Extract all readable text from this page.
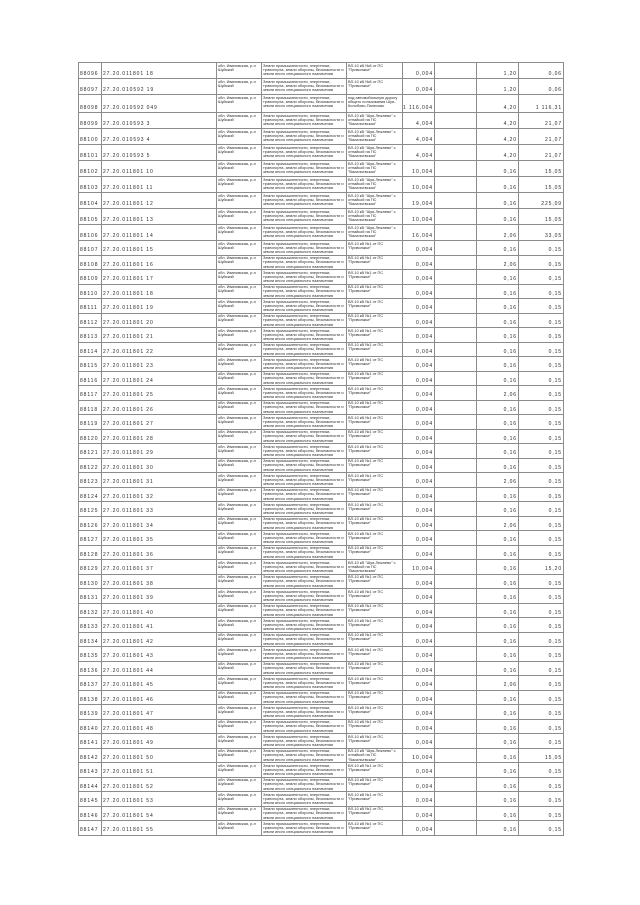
88096 27.20.011801 18
обл. Ивановская, р-н Шуйский
Земли промышленности, энергетики, транспорта, земли обороны, безопасности и земли иного специального назначения
ВЛ-10 кВ №8 от ПС "Приволжье"
0,004	1,20	0,06
88097 27.20.010592 19
обл. Ивановская, р-н Шуйский
Земли промышленности, энергетики, транспорта, земли обороны, безопасности и земли иного специального назначения
ВЛ-10 кВ №8 от ПС "Приволжье"
0,004	1,20	0,06
88098 27.20.010592 049
обл. Ивановская, р-н Шуйский
Земли промышленности, энергетики, транспорта, земли обороны, безопасности и земли иного специального назначения
под автомобильную дорогу общего пользования Шуя-Колобово-Палехово	1 116,004	4,20	1 116,31
88099 27.20.010593 3
обл. Ивановская, р-н Шуйский
Земли промышленности, энергетики, транспорта, земли обороны, безопасности и земли иного специального назначения
ВЛ-10 кВ "Шуя-Лежнево" с отпайкой на ПС "Васильевская"	4,004	4,20	21,07
88100 27.20.010593 4
обл. Ивановская, р-н Шуйский
Земли промышленности, энергетики, транспорта, земли обороны, безопасности и земли иного специального назначения
ВЛ-10 кВ "Шуя-Лежнево" с отпайкой на ПС "Васильевская"	4,004	4,20	21,07
88101 27.20.010593 5
обл. Ивановская, р-н Шуйский
Земли промышленности, энергетики, транспорта, земли обороны, безопасности и земли иного специального назначения
ВЛ-10 кВ "Шуя-Лежнево" с отпайкой на ПС "Васильевская"	4,004	4,20	21,07
88102 27.20.011801 10
обл. Ивановская, р-н Шуйский
Земли промышленности, энергетики, транспорта, земли обороны, безопасности и земли иного специального назначения
ВЛ-10 кВ "Шуя-Лежнево" с отпайкой на ПС "Васильевская"	10,004	0,16	15,05
88103 27.20.011801 11
обл. Ивановская, р-н Шуйский
Земли промышленности, энергетики, транспорта, земли обороны, безопасности и земли иного специального назначения
ВЛ-10 кВ "Шуя-Лежнево" с отпайкой на ПС "Васильевская"	10,004	0,16	15,05
88104 27.20.011801 12
обл. Ивановская, р-н Шуйский
Земли промышленности, энергетики, транспорта, земли обороны, безопасности и земли иного специального назначения
ВЛ-10 кВ "Шуя-Лежнево" с отпайкой на ПС "Васильевская"	19,004	0,16	225,09
88105 27.20.011801 13
обл. Ивановская, р-н Шуйский
Земли промышленности, энергетики, транспорта, земли обороны, безопасности и земли иного специального назначения
ВЛ-10 кВ "Шуя-Лежнево" с отпайкой на ПС "Васильевская"	10,004	0,16	15,05
88106 27.20.011801 14
обл. Ивановская, р-н Шуйский
Земли промышленности, энергетики, транспорта, земли обороны, безопасности и земли иного специального назначения
ВЛ-10 кВ "Шуя-Лежнево" с отпайкой на ПС "Васильевская"	16,004	2,06	33,05
88107 27.20.011801 15
обл. Ивановская, р-н Шуйский
Земли промышленности, энергетики, транспорта, земли обороны, безопасности и земли иного специального назначения
ВЛ-10 кВ №1 от ПС "Приволжье"	0,004	0,16	0,15
88108 27.20.011801 16
обл. Ивановская, р-н Шуйский
Земли промышленности, энергетики, транспорта, земли обороны, безопасности и земли иного специального назначения
ВЛ-10 кВ №1 от ПС "Приволжье"	0,004	2,06	0,15
88109 27.20.011801 17
обл. Ивановская, р-н Шуйский
Земли промышленности, энергетики, транспорта, земли обороны, безопасности и земли иного специального назначения
ВЛ-10 кВ №1 от ПС "Приволжье"	0,004	0,16	0,15
88110 27.20.011801 18
обл. Ивановская, р-н Шуйский
Земли промышленности, энергетики, транспорта, земли обороны, безопасности и земли иного специального назначения
ВЛ-10 кВ №1 от ПС "Приволжье"	0,004	0,16	0,15
88111	27.20.011801 19
обл. Ивановская, р-н Шуйский
Земли промышленности, энергетики, транспорта, земли обороны, безопасности и земли иного специального назначения
ВЛ-10 кВ №1 от ПС "Приволжье"	0,004	0,16	0,15
88112 27.20.011801 20
обл. Ивановская, р-н Шуйский
Земли промышленности, энергетики, транспорта, земли обороны, безопасности и земли иного специального назначения
ВЛ-10 кВ №1 от ПС "Приволжье"	0,004	0,16	0,15
88113 27.20.011801 21
обл. Ивановская, р-н Шуйский
Земли промышленности, энергетики, транспорта, земли обороны, безопасности и земли иного специального назначения
ВЛ-10 кВ №1 от ПС "Приволжье"	0,004	0,16	0,15
88114 27.20.011801 22
обл. Ивановская, р-н Шуйский
Земли промышленности, энергетики, транспорта, земли обороны, безопасности и земли иного специального назначения
ВЛ-10 кВ №1 от ПС "Приволжье"	0,004	0,16	0,15
88115 27.20.011801 23
обл. Ивановская, р-н Шуйский
Земли промышленности, энергетики, транспорта, земли обороны, безопасности и земли иного специального назначения
ВЛ-10 кВ №1 от ПС "Приволжье"	0,004	0,16	0,15
88116 27.20.011801 24
обл. Ивановская, р-н Шуйский
Земли промышленности, энергетики, транспорта, земли обороны, безопасности и земли иного специального назначения
ВЛ-10 кВ №1 от ПС "Приволжье"	0,004	0,16	0,15
88117 27.20.011801 25
обл. Ивановская, р-н Шуйский
Земли промышленности, энергетики, транспорта, земли обороны, безопасности и земли иного специального назначения
ВЛ-10 кВ №1 от ПС "Приволжье"	0,004	2,06	0,15
88118 27.20.011801 26
обл. Ивановская, р-н Шуйский
Земли промышленности, энергетики, транспорта, земли обороны, безопасности и земли иного специального назначения
ВЛ-10 кВ №1 от ПС "Приволжье"	0,004	0,16	0,15
88119 27.20.011801 27
обл. Ивановская, р-н Шуйский
Земли промышленности, энергетики, транспорта, земли обороны, безопасности и земли иного специального назначения
ВЛ-10 кВ №1 от ПС "Приволжье"	0,004	0,16	0,15
88120 27.20.011801 28
обл. Ивановская, р-н Шуйский
Земли промышленности, энергетики, транспорта, земли обороны, безопасности и земли иного специального назначения
ВЛ-10 кВ №1 от ПС "Приволжье"	0,004	0,16	0,15
88121 27.20.011801 29
обл. Ивановская, р-н Шуйский
Земли промышленности, энергетики, транспорта, земли обороны, безопасности и земли иного специального назначения
ВЛ-10 кВ №1 от ПС "Приволжье"	0,004	0,16	0,15
88122 27.20.011801 30
обл. Ивановская, р-н Шуйский
Земли промышленности, энергетики, транспорта, земли обороны, безопасности и земли иного специального назначения
ВЛ-10 кВ №1 от ПС "Приволжье"	0,004	0,16	0,15
88123 27.20.011801 31
обл. Ивановская, р-н Шуйский
Земли промышленности, энергетики, транспорта, земли обороны, безопасности и земли иного специального назначения
ВЛ-10 кВ №1 от ПС "Приволжье"	0,004	2,06	0,15
88124 27.20.011801 32
обл. Ивановская, р-н Шуйский
Земли промышленности, энергетики, транспорта, земли обороны, безопасности и земли иного специального назначения
ВЛ-10 кВ №1 от ПС "Приволжье"	0,004	0,16	0,15
88125 27.20.011801 33
обл. Ивановская, р-н Шуйский
Земли промышленности, энергетики, транспорта, земли обороны, безопасности и земли иного специального назначения
ВЛ-10 кВ №1 от ПС "Приволжье"	0,004	0,16	0,15
88126 27.20.011801 34
обл. Ивановская, р-н Шуйский
Земли промышленности, энергетики, транспорта, земли обороны, безопасности и земли иного специального назначения
ВЛ-10 кВ №1 от ПС "Приволжье"	0,004	2,06	0,15
88127 27.20.011801 35
обл. Ивановская, р-н Шуйский
Земли промышленности, энергетики, транспорта, земли обороны, безопасности и земли иного специального назначения
ВЛ-10 кВ №1 от ПС "Приволжье"	0,004	0,16	0,15
88128 27.20.011801 36
обл. Ивановская, р-н Шуйский
Земли промышленности, энергетики, транспорта, земли обороны, безопасности и земли иного специального назначения
ВЛ-10 кВ №1 от ПС "Приволжье"	0,004	0,16	0,15
88129 27.20.011801 37
обл. Ивановская, р-н Шуйский
Земли промышленности, энергетики, транспорта, земли обороны, безопасности и земли иного специального назначения
ВЛ-10 кВ "Шуя-Лежнево" с отпайкой на ПС "Васильевская"	10,004	0,16	15,20
88130 27.20.011801 38
обл. Ивановская, р-н Шуйский
Земли промышленности, энергетики, транспорта, земли обороны, безопасности и земли иного специального назначения
ВЛ-10 кВ №1 от ПС "Приволжье"	0,004	0,16	0,15
88131 27.20.011801 39
обл. Ивановская, р-н Шуйский
Земли промышленности, энергетики, транспорта, земли обороны, безопасности и земли иного специального назначения
ВЛ-10 кВ №1 от ПС "Приволжье"	0,004	0,16	0,15
88132 27.20.011801 40
обл. Ивановская, р-н Шуйский
Земли промышленности, энергетики, транспорта, земли обороны, безопасности и земли иного специального назначения
ВЛ-10 кВ №1 от ПС "Приволжье"	0,004	0,16	0,15
88133 27.20.011801 41
обл. Ивановская, р-н Шуйский
Земли промышленности, энергетики, транспорта, земли обороны, безопасности и земли иного специального назначения
ВЛ-10 кВ №1 от ПС "Приволжье"	0,004	0,16	0,15
88134 27.20.011801 42
обл. Ивановская, р-н Шуйский
Земли промышленности, энергетики, транспорта, земли обороны, безопасности и земли иного специального назначения
ВЛ-10 кВ №1 от ПС "Приволжье"	0,004	0,16	0,15
88135 27.20.011801 43
обл. Ивановская, р-н Шуйский
Земли промышленности, энергетики, транспорта, земли обороны, безопасности и земли иного специального назначения
ВЛ-10 кВ №1 от ПС "Приволжье"	0,004	0,16	0,15
88136 27.20.011801 44
обл. Ивановская, р-н Шуйский
Земли промышленности, энергетики, транспорта, земли обороны, безопасности и земли иного специального назначения
ВЛ-10 кВ №1 от ПС "Приволжье"	0,004	0,16	0,15
88137 27.20.011801 45
обл. Ивановская, р-н Шуйский
Земли промышленности, энергетики, транспорта, земли обороны, безопасности и земли иного специального назначения
ВЛ-10 кВ №1 от ПС "Приволжье"	0,004	2,06	0,15
88138 27.20.011801 46
обл. Ивановская, р-н Шуйский
Земли промышленности, энергетики, транспорта, земли обороны, безопасности и земли иного специального назначения
ВЛ-10 кВ №1 от ПС "Приволжье"	0,004	0,16	0,15
88139 27.20.011801 47
обл. Ивановская, р-н Шуйский
Земли промышленности, энергетики, транспорта, земли обороны, безопасности и земли иного специального назначения
ВЛ-10 кВ №1 от ПС "Приволжье"	0,004	0,16	0,15
88140 27.20.011801 48
обл. Ивановская, р-н Шуйский
Земли промышленности, энергетики, транспорта, земли обороны, безопасности и земли иного специального назначения
ВЛ-10 кВ №1 от ПС "Приволжье"	0,004	0,16	0,15
88141 27.20.011801 49
обл. Ивановская, р-н Шуйский
Земли промышленности, энергетики, транспорта, земли обороны, безопасности и земли иного специального назначения
ВЛ-10 кВ №1 от ПС "Приволжье"	0,004	0,16	0,15
88142 27.20.011801 50
обл. Ивановская, р-н Шуйский
Земли промышленности, энергетики, транспорта, земли обороны, безопасности и земли иного специального назначения
ВЛ-10 кВ "Шуя-Лежнево" с отпайкой на ПС "Васильевская"	10,004	0,16	15,05
88143 27.20.011801 51
обл. Ивановская, р-н Шуйский
Земли промышленности, энергетики, транспорта, земли обороны, безопасности и земли иного специального назначения
ВЛ-10 кВ №1 от ПС "Приволжье"	0,004	0,16	0,15
88144 27.20.011801 52
обл. Ивановская, р-н Шуйский
Земли промышленности, энергетики, транспорта, земли обороны, безопасности и земли иного специального назначения
ВЛ-10 кВ №1 от ПС "Приволжье"	0,004	0,16	0,15
88145 27.20.011801 53
обл. Ивановская, р-н Шуйский
Земли промышленности, энергетики, транспорта, земли обороны, безопасности и земли иного специального назначения
ВЛ-10 кВ №1 от ПС "Приволжье"	0,004	0,16	0,15
88146 27.20.011801 54
обл. Ивановская, р-н Шуйский
Земли промышленности, энергетики, транспорта, земли обороны, безопасности и земли иного специального назначения
ВЛ-10 кВ №1 от ПС "Приволжье"	0,004	0,16	0,15
88147 27.20.011801 55
обл. Ивановская, р-н Шуйский
Земли промышленности, энергетики, транспорта, земли обороны, безопасности и земли иного специального назначения
ВЛ-10 кВ №1 от ПС "Приволжье"	0,004	0,16	0,15
